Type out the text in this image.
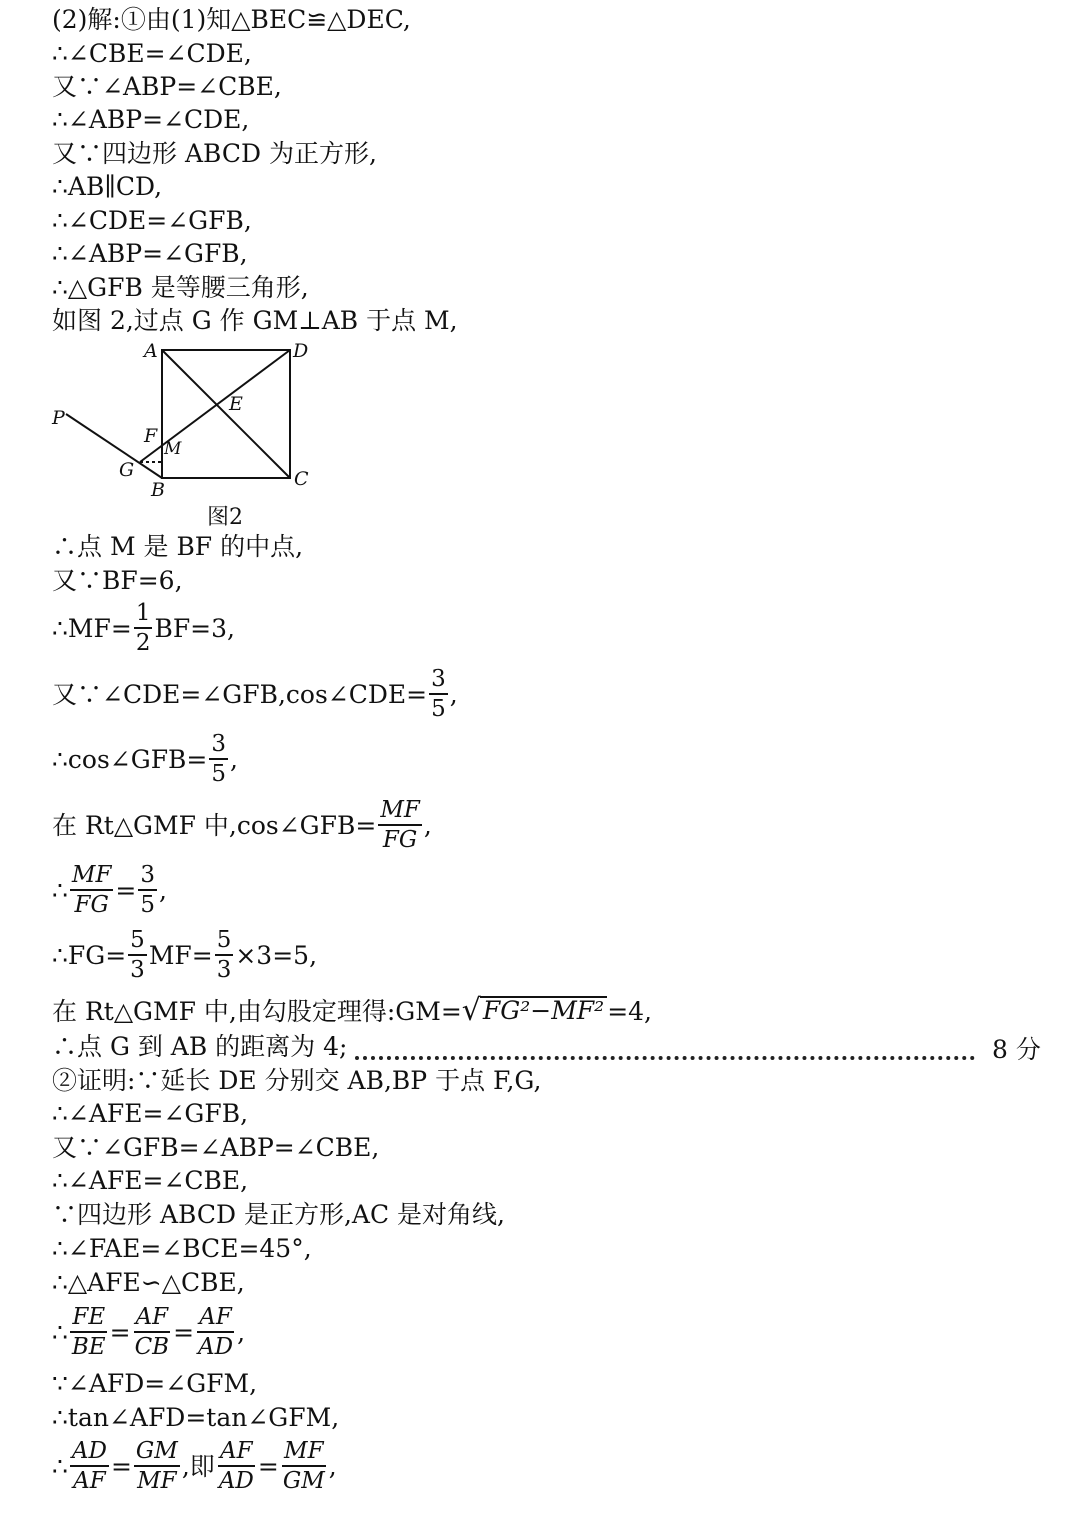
(2)解:①由(1)知△BEC≌△DEC,
∴∠CBE=∠CDE,
又∵∠ABP=∠CBE,
∴∠ABP=∠CDE,
又∵四边形 ABCD 为正方形,
∴AB∥CD,
∴∠CDE=∠GFB,
∴∠ABP=∠GFB,
∴△GFB 是等腰三角形,
如图 2,过点 G 作 GM⊥AB 于点 M,
A	D
E
P
F
M
G
B	C
图2
∴点 M 是 BF 的中点,
又∵BF=6,
∴MF= $\frac{1}{2} BF=3$,
又∵∠CDE=∠GFB,cos∠CDE= $\frac{3}{5}$ ,
∴cos∠GFB= $\frac{3}{5}$ ,
在 Rt△GMF 中,cos∠GFB= $\frac{MF}{FG}$ ,
∴ $\frac{MF}{FG} = \frac{3}{5}$ ,
∴FG= $\frac{5}{3} MF= \frac{5}{3} \times 3=5$,
在 Rt△GMF 中,由勾股定理得:GM= √ FG²−MF² =4,
∴点 G 到 AB 的距离为 4;	8 分
②证明:∵延长 DE 分别交 AB,BP 于点 F,G,
∴∠AFE=∠GFB,
又∵∠GFB=∠ABP=∠CBE,
∴∠AFE=∠CBE,
∵四边形 ABCD 是正方形,AC 是对角线,
∴∠FAE=∠BCE=45°,
∴△AFE∽△CBE,
∴ $\frac{FE}{BE} = \frac{AF}{CB} = \frac{AF}{AD}$ ,
∵∠AFD=∠GFM,
∴tan∠AFD=tan∠GFM,
∴ $\frac{AD}{AF} = \frac{GM}{MF}$ ,即 $\frac{AF}{AD} = \frac{MF}{GM}$ ,
